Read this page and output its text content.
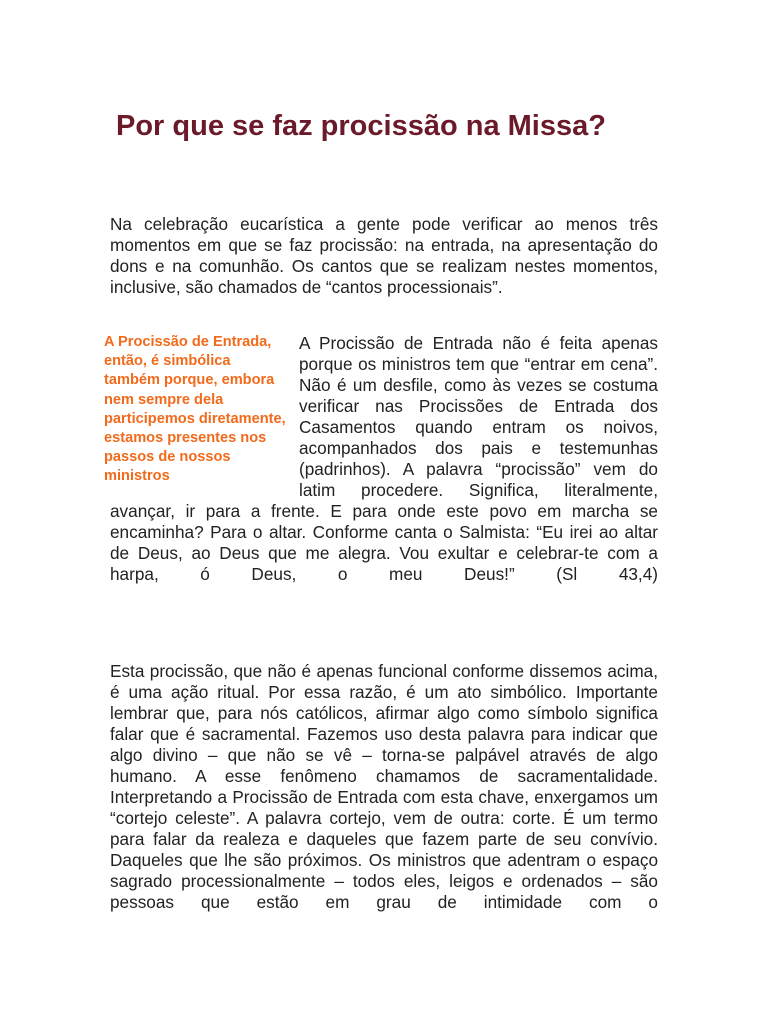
Por que se faz procissão na Missa?

Na celebração eucarística a gente pode verificar ao menos três momentos em que se faz procissão: na entrada, na apresentação do dons e na comunhão. Os cantos que se realizam nestes momentos, inclusive, são chamados de “cantos processionais”.

A Procissão de Entrada, então, é simbólica também porque, embora nem sempre dela participemos diretamente, estamos presentes nos passos de nossos ministros

A Procissão de Entrada não é feita apenas porque os ministros tem que “entrar em cena”. Não é um desfile, como às vezes se costuma verificar nas Procissões de Entrada dos Casamentos quando entram os noivos, acompanhados dos pais e testemunhas (padrinhos). A palavra “procissão” vem do latim procedere. Significa, literalmente, avançar, ir para a frente. E para onde este povo em marcha se encaminha? Para o altar. Conforme canta o Salmista: “Eu irei ao altar de Deus, ao Deus que me alegra. Vou exultar e celebrar-te com a harpa, ó Deus, o meu Deus!” (Sl 43,4)

Esta procissão, que não é apenas funcional conforme dissemos acima, é uma ação ritual. Por essa razão, é um ato simbólico. Importante lembrar que, para nós católicos, afirmar algo como símbolo significa falar que é sacramental. Fazemos uso desta palavra para indicar que algo divino – que não se vê – torna-se palpável através de algo humano. A esse fenômeno chamamos de sacramentalidade. Interpretando a Procissão de Entrada com esta chave, enxergamos um “cortejo celeste”. A palavra cortejo, vem de outra: corte. É um termo para falar da realeza e daqueles que fazem parte de seu convívio. Daqueles que lhe são próximos. Os ministros que adentram o espaço sagrado processionalmente – todos eles, leigos e ordenados – são pessoas que estão em grau de intimidade com o
